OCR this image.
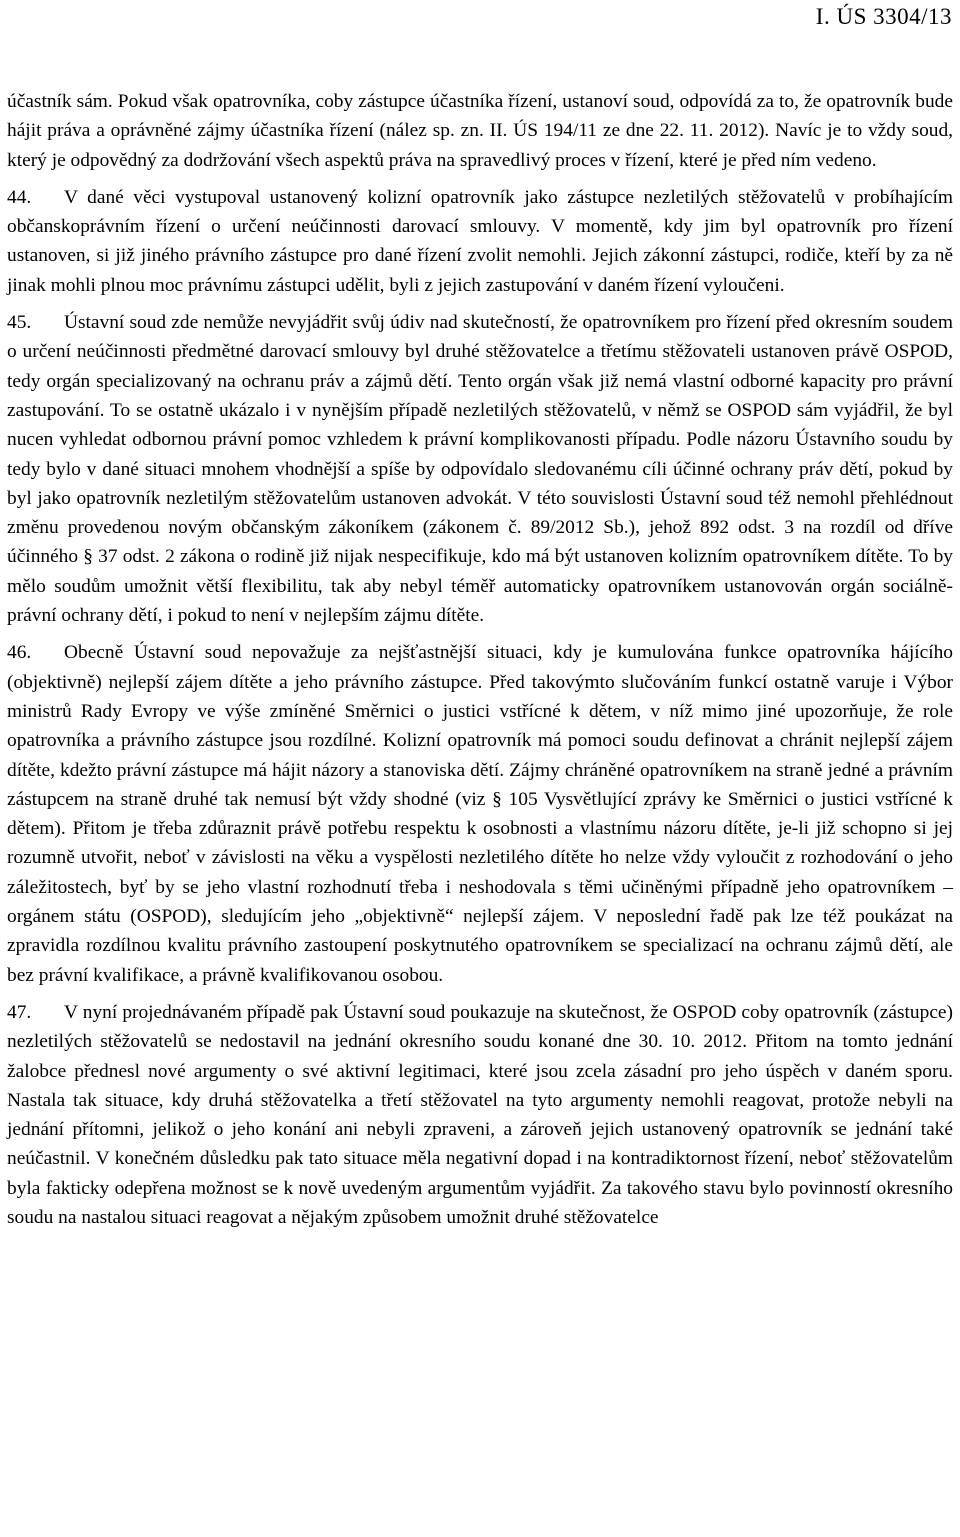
I. ÚS 3304/13

účastník sám. Pokud však opatrovníka, coby zástupce účastníka řízení, ustanoví soud, odpovídá za to, že opatrovník bude hájit práva a oprávněné zájmy účastníka řízení (nález sp. zn. II. ÚS 194/11 ze dne 22. 11. 2012). Navíc je to vždy soud, který je odpovědný za dodržování všech aspektů práva na spravedlivý proces v řízení, které je před ním vedeno.

44. V dané věci vystupoval ustanovený kolizní opatrovník jako zástupce nezletilých stěžovatelů v probíhajícím občanskoprávním řízení o určení neúčinnosti darovací smlouvy. V momentě, kdy jim byl opatrovník pro řízení ustanoven, si již jiného právního zástupce pro dané řízení zvolit nemohli. Jejich zákonní zástupci, rodiče, kteří by za ně jinak mohli plnou moc právnímu zástupci udělit, byli z jejich zastupování v daném řízení vyloučeni.

45. Ústavní soud zde nemůže nevyjádřit svůj údiv nad skutečností, že opatrovníkem pro řízení před okresním soudem o určení neúčinnosti předmětné darovací smlouvy byl druhé stěžovatelce a třetímu stěžovateli ustanoven právě OSPOD, tedy orgán specializovaný na ochranu práv a zájmů dětí. Tento orgán však již nemá vlastní odborné kapacity pro právní zastupování. To se ostatně ukázalo i v nynějším případě nezletilých stěžovatelů, v němž se OSPOD sám vyjádřil, že byl nucen vyhledat odbornou právní pomoc vzhledem k právní komplikovanosti případu. Podle názoru Ústavního soudu by tedy bylo v dané situaci mnohem vhodnější a spíše by odpovídalo sledovanému cíli účinné ochrany práv dětí, pokud by byl jako opatrovník nezletilým stěžovatelům ustanoven advokát. V této souvislosti Ústavní soud též nemohl přehlédnout změnu provedenou novým občanským zákoníkem (zákonem č. 89/2012 Sb.), jehož 892 odst. 3 na rozdíl od dříve účinného § 37 odst. 2 zákona o rodině již nijak nespecifikuje, kdo má být ustanoven kolizním opatrovníkem dítěte. To by mělo soudům umožnit větší flexibilitu, tak aby nebyl téměř automaticky opatrovníkem ustanovován orgán sociálně-právní ochrany dětí, i pokud to není v nejlepším zájmu dítěte.

46. Obecně Ústavní soud nepovažuje za nejšťastnější situaci, kdy je kumulována funkce opatrovníka hájícího (objektivně) nejlepší zájem dítěte a jeho právního zástupce. Před takovýmto slučováním funkcí ostatně varuje i Výbor ministrů Rady Evropy ve výše zmíněné Směrnici o justici vstřícné k dětem, v níž mimo jiné upozorňuje, že role opatrovníka a právního zástupce jsou rozdílné. Kolizní opatrovník má pomoci soudu definovat a chránit nejlepší zájem dítěte, kdežto právní zástupce má hájit názory a stanoviska dětí. Zájmy chráněné opatrovníkem na straně jedné a právním zástupcem na straně druhé tak nemusí být vždy shodné (viz § 105 Vysvětlující zprávy ke Směrnici o justici vstřícné k dětem). Přitom je třeba zdůraznit právě potřebu respektu k osobnosti a vlastnímu názoru dítěte, je-li již schopno si jej rozumně utvořit, neboť v závislosti na věku a vyspělosti nezletilého dítěte ho nelze vždy vyloučit z rozhodování o jeho záležitostech, byť by se jeho vlastní rozhodnutí třeba i neshodovala s těmi učiněnými případně jeho opatrovníkem – orgánem státu (OSPOD), sledujícím jeho „objektivně“ nejlepší zájem. V neposlední řadě pak lze též poukázat na zpravidla rozdílnou kvalitu právního zastoupení poskytnutého opatrovníkem se specializací na ochranu zájmů dětí, ale bez právní kvalifikace, a právně kvalifikovanou osobou.

47. V nyní projednávaném případě pak Ústavní soud poukazuje na skutečnost, že OSPOD coby opatrovník (zástupce) nezletilých stěžovatelů se nedostavil na jednání okresního soudu konané dne 30. 10. 2012. Přitom na tomto jednání žalobce přednesl nové argumenty o své aktivní legitimaci, které jsou zcela zásadní pro jeho úspěch v daném sporu. Nastala tak situace, kdy druhá stěžovatelka a třetí stěžovatel na tyto argumenty nemohli reagovat, protože nebyli na jednání přítomni, jelikož o jeho konání ani nebyli zpraveni, a zároveň jejich ustanovený opatrovník se jednání také neúčastnil. V konečném důsledku pak tato situace měla negativní dopad i na kontradiktornost řízení, neboť stěžovatelům byla fakticky odepřena možnost se k nově uvedeným argumentům vyjádřit. Za takového stavu bylo povinností okresního soudu na nastalou situaci reagovat a nějakým způsobem umožnit druhé stěžovatelce
